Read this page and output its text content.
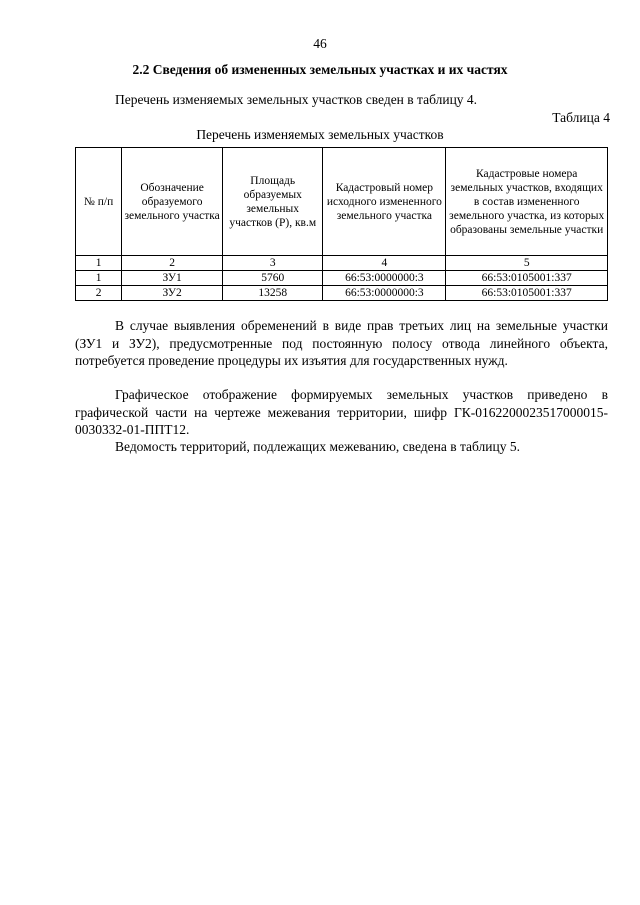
46
2.2 Сведения об измененных земельных участках и их частях
Перечень изменяемых земельных участков сведен в таблицу 4.
Таблица 4
Перечень изменяемых земельных участков
№ п/п	Обозначение образуемого земельного участка	Площадь образуемых земельных участков (Р), кв.м	Кадастровый номер исходного измененного земельного участка	Кадастровые номера земельных участков, входящих в состав измененного земельного участка, из которых образованы земельные участки
1	2	3	4	5
1	ЗУ1	5760	66:53:0000000:3	66:53:0105001:337
2	ЗУ2	13258	66:53:0000000:3	66:53:0105001:337

В случае выявления обременений в виде прав третьих лиц на земельные участки (ЗУ1 и ЗУ2), предусмотренные под постоянную полосу отвода линейного объекта, потребуется проведение процедуры их изъятия для государственных нужд.

Графическое отображение формируемых земельных участков приведено в графической части на чертеже межевания территории, шифр ГК-0162200023517000015-0030332-01-ППТ12.

Ведомость территорий, подлежащих межеванию, сведена в таблицу 5.
